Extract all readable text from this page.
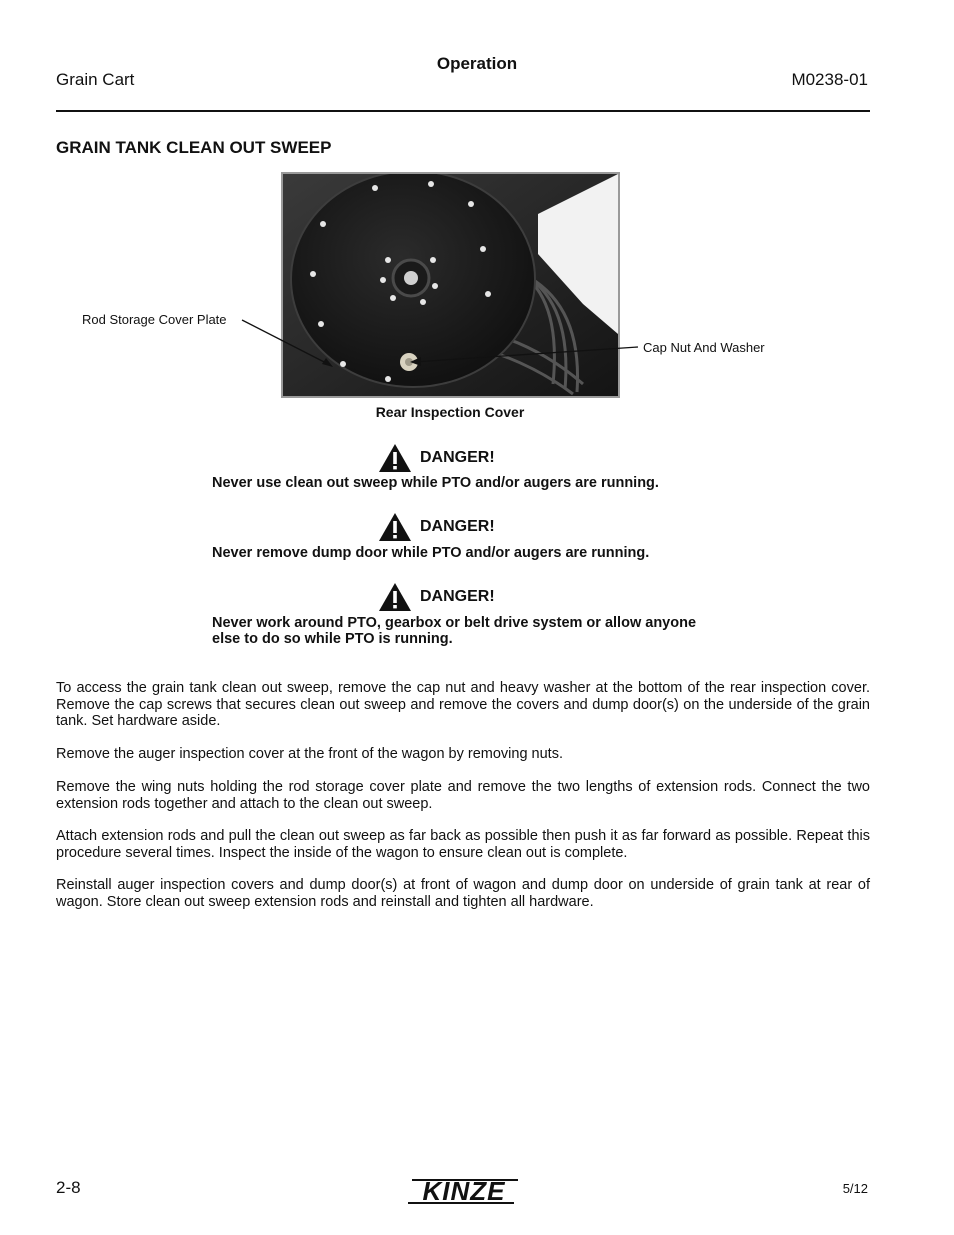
Operation
Grain Cart	M0238-01
GRAIN TANK CLEAN OUT SWEEP
Rod Storage Cover Plate
Cap Nut And Washer
Rear Inspection Cover
DANGER!
Never use clean out sweep while PTO and/or augers are running.
DANGER!
Never remove dump door while PTO and/or augers are running.
DANGER!
Never work around PTO, gearbox or belt drive system or allow anyone else to do so while PTO is running.
To access the grain tank clean out sweep, remove the cap nut and heavy washer at the bottom of the rear inspection cover. Remove the cap screws that secures clean out sweep and remove the covers and dump door(s) on the underside of the grain tank. Set hardware aside.
Remove the auger inspection cover at the front of the wagon by removing nuts.
Remove the wing nuts holding the rod storage cover plate and remove the two lengths of extension rods. Connect the two extension rods together and attach to the clean out sweep.
Attach extension rods and pull the clean out sweep as far back as possible then push it as far forward as possible. Repeat this procedure several times. Inspect the inside of the wagon to ensure clean out is complete.
Reinstall auger inspection covers and dump door(s) at front of wagon and dump door on underside of grain tank at rear of wagon. Store clean out sweep extension rods and reinstall and tighten all hardware.
2-8	KINZE	5/12
